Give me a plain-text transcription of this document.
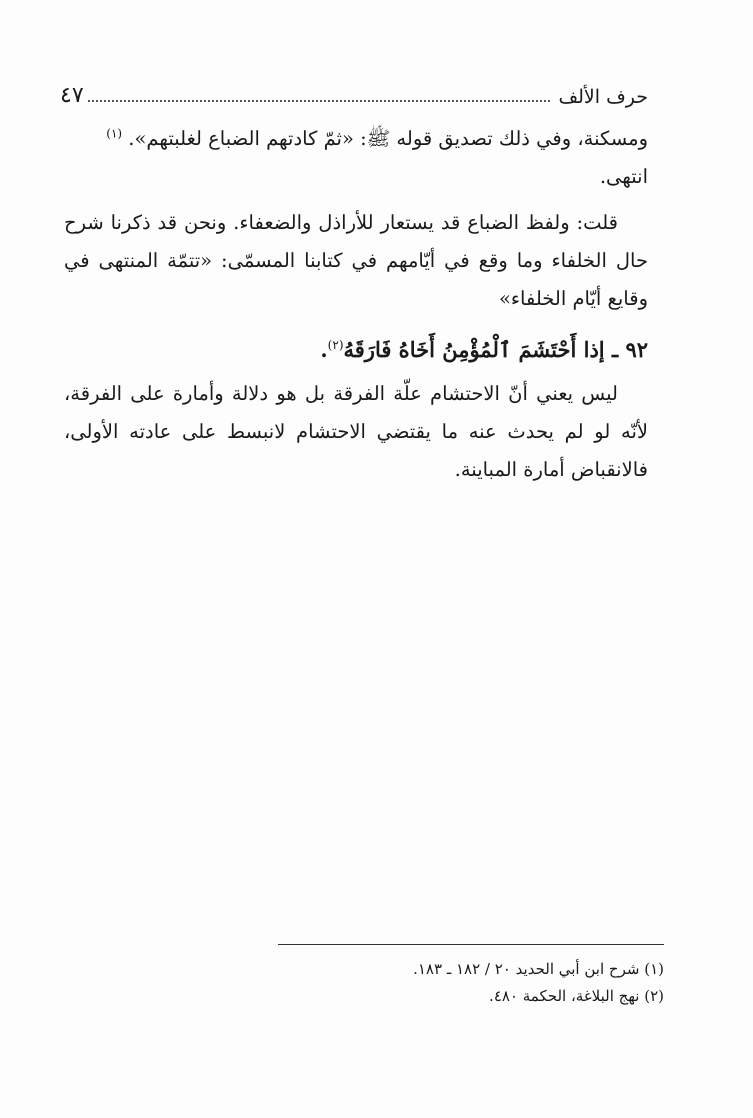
حرف الألف
٤٧
ومسكنة، وفي ذلك تصديق قوله ﷺ: «ثمّ كادتهم الضباع لغلبتهم». $^{(١)}$
انتهى.
قلت: ولفظ الضباع قد يستعار للأراذل والضعفاء. ونحن قد ذكرنا شرح حال الخلفاء وما وقع في أيّامهم في كتابنا المسمّى: «تتمّة المنتهى في وقايع أيّام الخلفاء»
٩٢ ـ إذا أَحْتَشَمَ ٱلْمُؤْمِنُ أَخَاهُ فَارَقَهُ$^{(٢)}$.
ليس يعني أنّ الاحتشام علّة الفرقة بل هو دلالة وأمارة على الفرقة، لأنّه لو لم يحدث عنه ما يقتضي الاحتشام لانبسط على عادته الأولى، فالانقباض أمارة المباينة.
(١) شرح ابن أبي الحديد ٢٠ / ١٨٢ ـ ١٨٣.
(٢) نهج البلاغة، الحكمة ٤٨٠.
